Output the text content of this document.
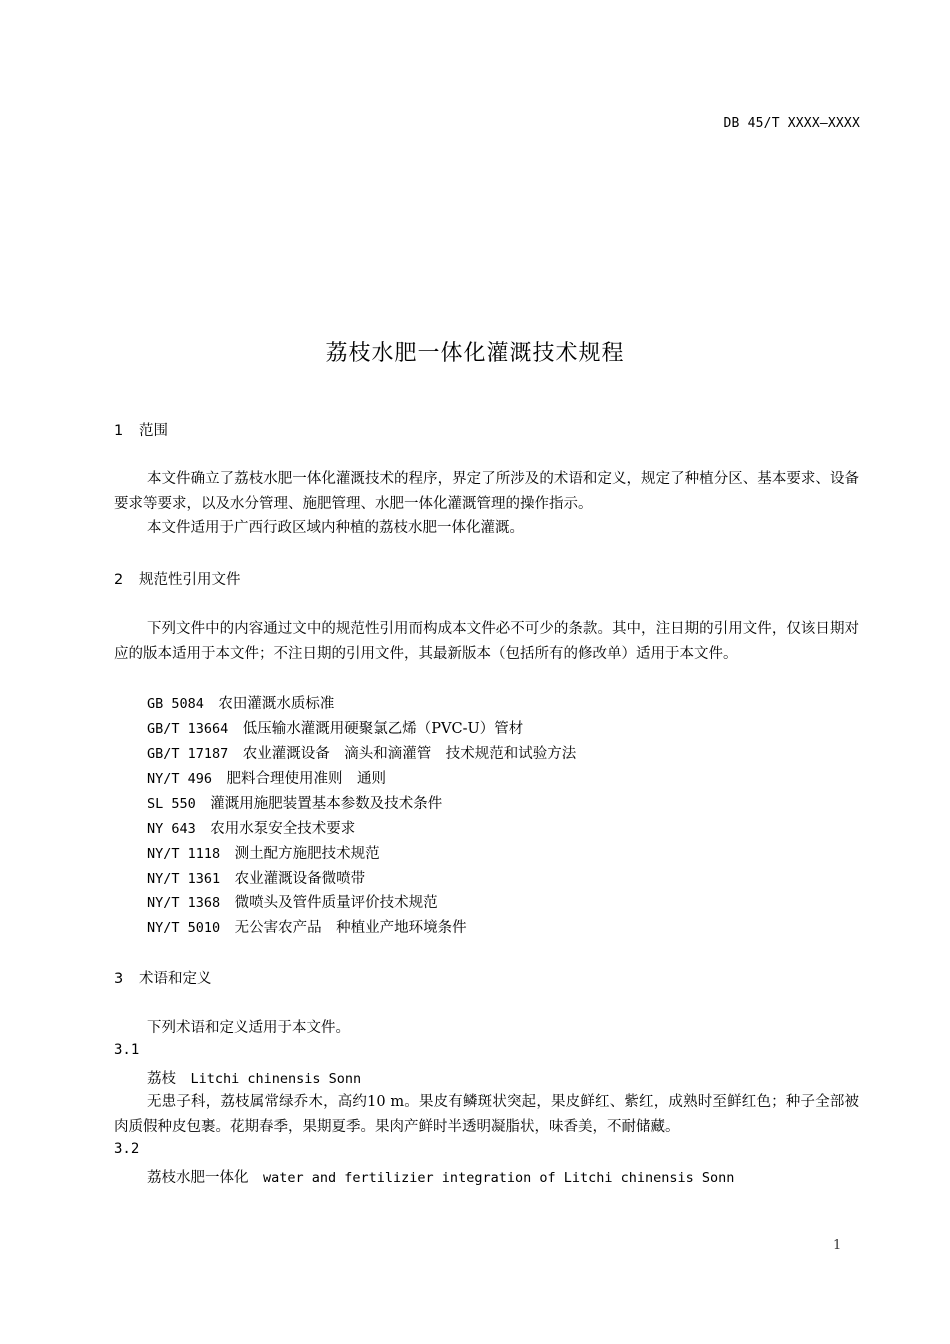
DB 45/T XXXX—XXXX
荔枝水肥一体化灌溉技术规程
1 范围
本文件确立了荔枝水肥一体化灌溉技术的程序，界定了所涉及的术语和定义，规定了种植分区、基本要求、设备要求等要求，以及水分管理、施肥管理、水肥一体化灌溉管理的操作指示。
本文件适用于广西行政区域内种植的荔枝水肥一体化灌溉。
2 规范性引用文件
下列文件中的内容通过文中的规范性引用而构成本文件必不可少的条款。其中，注日期的引用文件，仅该日期对应的版本适用于本文件；不注日期的引用文件，其最新版本（包括所有的修改单）适用于本文件。
GB 5084　 农田灌溉水质标准
GB/T 13664　 低压输水灌溉用硬聚氯乙烯（PVC-U）管材
GB/T 17187　 农业灌溉设备　滴头和滴灌管　技术规范和试验方法
NY/T 496　 肥料合理使用准则　通则
SL 550　 灌溉用施肥装置基本参数及技术条件
NY 643　 农用水泵安全技术要求
NY/T 1118　 测土配方施肥技术规范
NY/T 1361　 农业灌溉设备微喷带
NY/T 1368　 微喷头及管件质量评价技术规范
NY/T 5010　 无公害农产品　种植业产地环境条件
3 术语和定义
下列术语和定义适用于本文件。
3.1
荔枝　 Litchi chinensis Sonn
无患子科，荔枝属常绿乔木，高约10 m。果皮有鳞斑状突起，果皮鲜红、紫红，成熟时至鲜红色；种子全部被肉质假种皮包裹。花期春季，果期夏季。果肉产鲜时半透明凝脂状，味香美，不耐储藏。
3.2
荔枝水肥一体化　 water and fertilizier integration of Litchi chinensis Sonn
1
